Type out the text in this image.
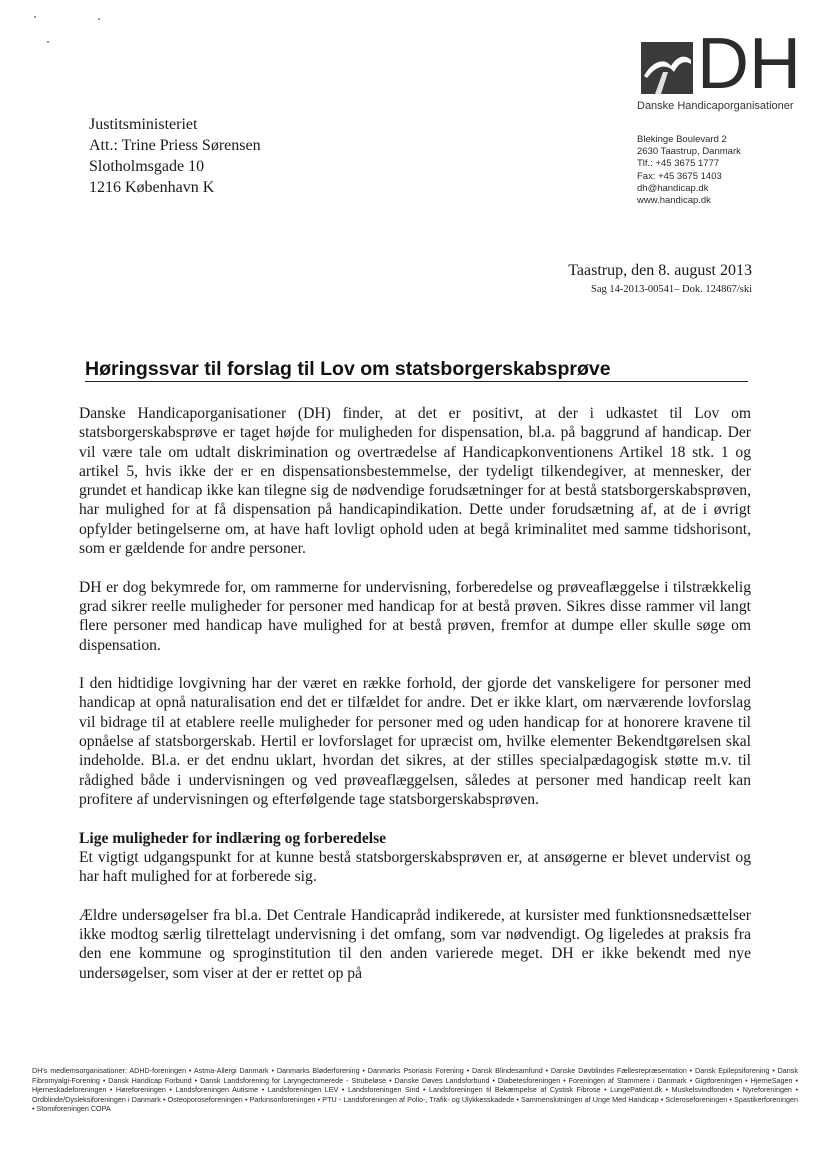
DH
Danske Handicaporganisationer
Justitsministeriet
Att.: Trine Priess Sørensen
Slotholmsgade 10
1216 København K
Blekinge Boulevard 2
2630 Taastrup, Danmark
Tlf.: +45 3675 1777
Fax: +45 3675 1403
dh@handicap.dk
www.handicap.dk
Taastrup, den 8. august 2013
Sag 14-2013-00541– Dok. 124867/ski
Høringssvar til forslag til Lov om statsborgerskabsprøve

Danske Handicaporganisationer (DH) finder, at det er positivt, at der i udkastet til Lov om statsborgerskabsprøve er taget højde for muligheden for dispensation, bl.a. på baggrund af handicap. Der vil være tale om udtalt diskrimination og overtrædelse af Handicapkonventionens Artikel 18 stk. 1 og artikel 5, hvis ikke der er en dispensationsbestemmelse, der tydeligt tilkendegiver, at mennesker, der grundet et handicap ikke kan tilegne sig de nødvendige forudsætninger for at bestå statsborgerskabsprøven, har mulighed for at få dispensation på handicapindikation. Dette under forudsætning af, at de i øvrigt opfylder betingelserne om, at have haft lovligt ophold uden at begå kriminalitet med samme tidshorisont, som er gældende for andre personer.

DH er dog bekymrede for, om rammerne for undervisning, forberedelse og prøveaflæggelse i tilstrækkelig grad sikrer reelle muligheder for personer med handicap for at bestå prøven. Sikres disse rammer vil langt flere personer med handicap have mulighed for at bestå prøven, fremfor at dumpe eller skulle søge om dispensation.

I den hidtidige lovgivning har der været en række forhold, der gjorde det vanskeligere for personer med handicap at opnå naturalisation end det er tilfældet for andre. Det er ikke klart, om nærværende lovforslag vil bidrage til at etablere reelle muligheder for personer med og uden handicap for at honorere kravene til opnåelse af statsborgerskab. Hertil er lovforslaget for upræcist om, hvilke elementer Bekendtgørelsen skal indeholde. Bl.a. er det endnu uklart, hvordan det sikres, at der stilles specialpædagogisk støtte m.v. til rådighed både i undervisningen og ved prøveaflæggelsen, således at personer med handicap reelt kan profitere af undervisningen og efterfølgende tage statsborgerskabsprøven.

Lige muligheder for indlæring og forberedelse

Et vigtigt udgangspunkt for at kunne bestå statsborgerskabsprøven er, at ansøgerne er blevet undervist og har haft mulighed for at forberede sig.

Ældre undersøgelser fra bl.a. Det Centrale Handicapråd indikerede, at kursister med funktionsnedsættelser ikke modtog særlig tilrettelagt undervisning i det omfang, som var nødvendigt. Og ligeledes at praksis fra den ene kommune og sproginstitution til den anden varierede meget. DH er ikke bekendt med nye undersøgelser, som viser at der er rettet op på

DH's medlemsorganisationer: ADHD-foreningen • Astma-Allergi Danmark • Danmarks Bløderforening • Danmarks Psoriasis Forening • Dansk Blindesamfund • Danske Døvblindes Fællesrepræsentation • Dansk Epilepsiforening • Dansk Fibromyalgi-Forening • Dansk Handicap Forbund • Dansk Landsforening for Laryngectomerede - Strubeløse • Danske Døves Landsforbund • Diabetesforeningen • Foreningen af Stammere i Danmark • Gigtforeningen • HjerneSagen • Hjerneskadeforeningen • Høreforeningen • Landsforeningen Autisme • Landsforeningen LEV • Landsforeningen Sind • Landsforeningen til Bekæmpelse af Cystisk Fibrose • LungePatient.dk • Muskelsvindfonden • Nyreforeningen • Ordblinde/Dysleksiforeningen i Danmark • Osteoporoseforeningen • Parkinsonforeningen • PTU - Landsforeningen af Polio-, Trafik- og Ulykkesskadede • Sammenslutningen af Unge Med Handicap • Scleroseforeningen • Spastikerforeningen • Stomiforeningen COPA
